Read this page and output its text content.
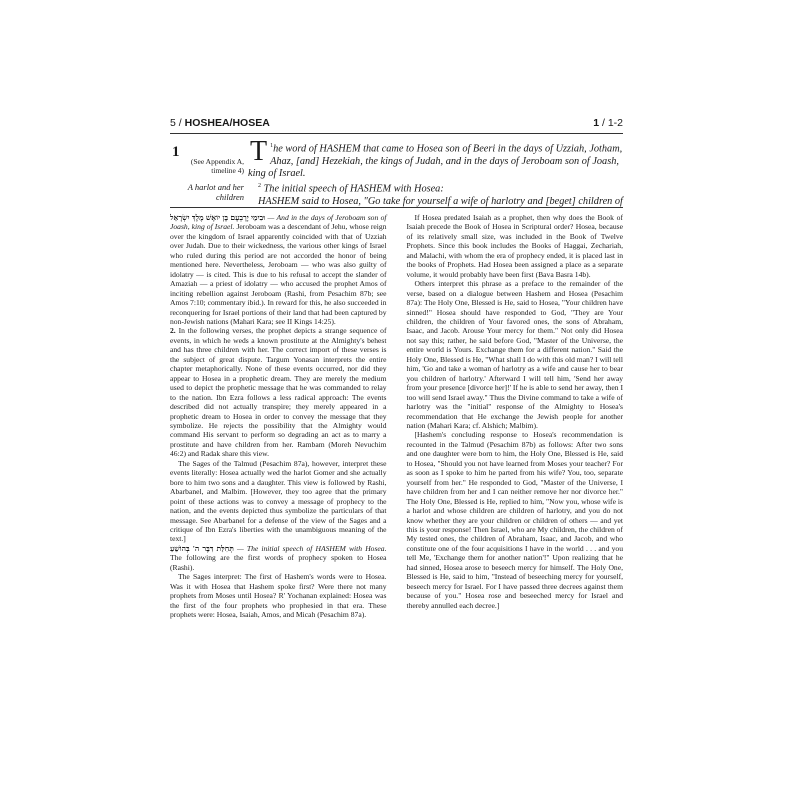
5 / HOSHEA/HOSEA	1 / 1-2
1
(See Appendix A, timeline 4)
A harlot and her children

$^1$
T he word of HASHEM that came to Hosea son of Beeri in the days of Uzziah, Jotham, Ahaz, [and] Hezekiah, the kings of Judah, and in the days of Jeroboam son of Joash, king of Israel.

$^2$ The initial speech of HASHEM with Hosea:

HASHEM said to Hosea, "Go take for yourself a wife of harlotry and [beget] children of

וּבִימֵי יָרָבְעָם בֶּן יוֹאָשׁ מֶלֶךְ יִשְׂרָאֵל — And in the days of Jeroboam son of Joash, king of Israel. Jeroboam was a descendant of Jehu, whose reign over the kingdom of Israel apparently coincided with that of Uzziah over Judah. Due to their wickedness, the various other kings of Israel who ruled during this period are not accorded the honor of being mentioned here. Nevertheless, Jeroboam — who was also guilty of idolatry — is cited. This is due to his refusal to accept the slander of Amaziah — a priest of idolatry — who accused the prophet Amos of inciting rebellion against Jeroboam (Rashi, from Pesachim 87b; see Amos 7:10; commentary ibid.). In reward for this, he also succeeded in reconquering for Israel portions of their land that had been captured by non-Jewish nations (Mahari Kara; see II Kings 14:25).

2. In the following verses, the prophet depicts a strange sequence of events, in which he weds a known prostitute at the Almighty's behest and has three children with her. The correct import of these verses is the subject of great dispute. Targum Yonasan interprets the entire chapter metaphorically. None of these events occurred, nor did they appear to Hosea in a prophetic dream. They are merely the medium used to depict the prophetic message that he was commanded to relay to the nation. Ibn Ezra follows a less radical approach: The events described did not actually transpire; they merely appeared in a prophetic dream to Hosea in order to convey the message that they symbolize. He rejects the possibility that the Almighty would command His servant to perform so degrading an act as to marry a prostitute and have children from her. Rambam (Moreh Nevuchim 46:2) and Radak share this view.

The Sages of the Talmud (Pesachim 87a), however, interpret these events literally: Hosea actually wed the harlot Gomer and she actually bore to him two sons and a daughter. This view is followed by Rashi, Abarbanel, and Malbim. [However, they too agree that the primary point of these actions was to convey a message of prophecy to the nation, and the events depicted thus symbolize the particulars of that message. See Abarbanel for a defense of the view of the Sages and a critique of Ibn Ezra's liberties with the unambiguous meaning of the text.]

תְּחִלַּת דִּבֶּר ה' בְּהוֹשֵׁעַ — The initial speech of HASHEM with Hosea. The following are the first words of prophecy spoken to Hosea (Rashi).

The Sages interpret: The first of Hashem's words were to Hosea. Was it with Hosea that Hashem spoke first? Were there not many prophets from Moses until Hosea? R' Yochanan explained: Hosea was the first of the four prophets who prophesied in that era. These prophets were: Hosea, Isaiah, Amos, and Micah (Pesachim 87a).

If Hosea predated Isaiah as a prophet, then why does the Book of Isaiah precede the Book of Hosea in Scriptural order? Hosea, because of its relatively small size, was included in the Book of Twelve Prophets. Since this book includes the Books of Haggai, Zechariah, and Malachi, with whom the era of prophecy ended, it is placed last in the books of Prophets. Had Hosea been assigned a place as a separate volume, it would probably have been first (Bava Basra 14b).

Others interpret this phrase as a preface to the remainder of the verse, based on a dialogue between Hashem and Hosea (Pesachim 87a): The Holy One, Blessed is He, said to Hosea, "Your children have sinned!" Hosea should have responded to God, "They are Your children, the children of Your favored ones, the sons of Abraham, Isaac, and Jacob. Arouse Your mercy for them." Not only did Hosea not say this; rather, he said before God, "Master of the Universe, the entire world is Yours. Exchange them for a different nation." Said the Holy One, Blessed is He, "What shall I do with this old man? I will tell him, 'Go and take a woman of harlotry as a wife and cause her to bear you children of harlotry.' Afterward I will tell him, 'Send her away from your presence [divorce her]!' If he is able to send her away, then I too will send Israel away." Thus the Divine command to take a wife of harlotry was the "initial" response of the Almighty to Hosea's recommendation that He exchange the Jewish people for another nation (Mahari Kara; cf. Alshich; Malbim).

[Hashem's concluding response to Hosea's recommendation is recounted in the Talmud (Pesachim 87b) as follows: After two sons and one daughter were born to him, the Holy One, Blessed is He, said to Hosea, "Should you not have learned from Moses your teacher? For as soon as I spoke to him he parted from his wife? You, too, separate yourself from her." He responded to God, "Master of the Universe, I have children from her and I can neither remove her nor divorce her." The Holy One, Blessed is He, replied to him, "Now you, whose wife is a harlot and whose children are children of harlotry, and you do not know whether they are your children or children of others — and yet this is your response! Then Israel, who are My children, the children of My tested ones, the children of Abraham, Isaac, and Jacob, and who constitute one of the four acquisitions I have in the world . . . and you tell Me, 'Exchange them for another nation'!" Upon realizing that he had sinned, Hosea arose to beseech mercy for himself. The Holy One, Blessed is He, said to him, "Instead of beseeching mercy for yourself, beseech mercy for Israel. For I have passed three decrees against them because of you." Hosea rose and beseeched mercy for Israel and thereby annulled each decree.]
